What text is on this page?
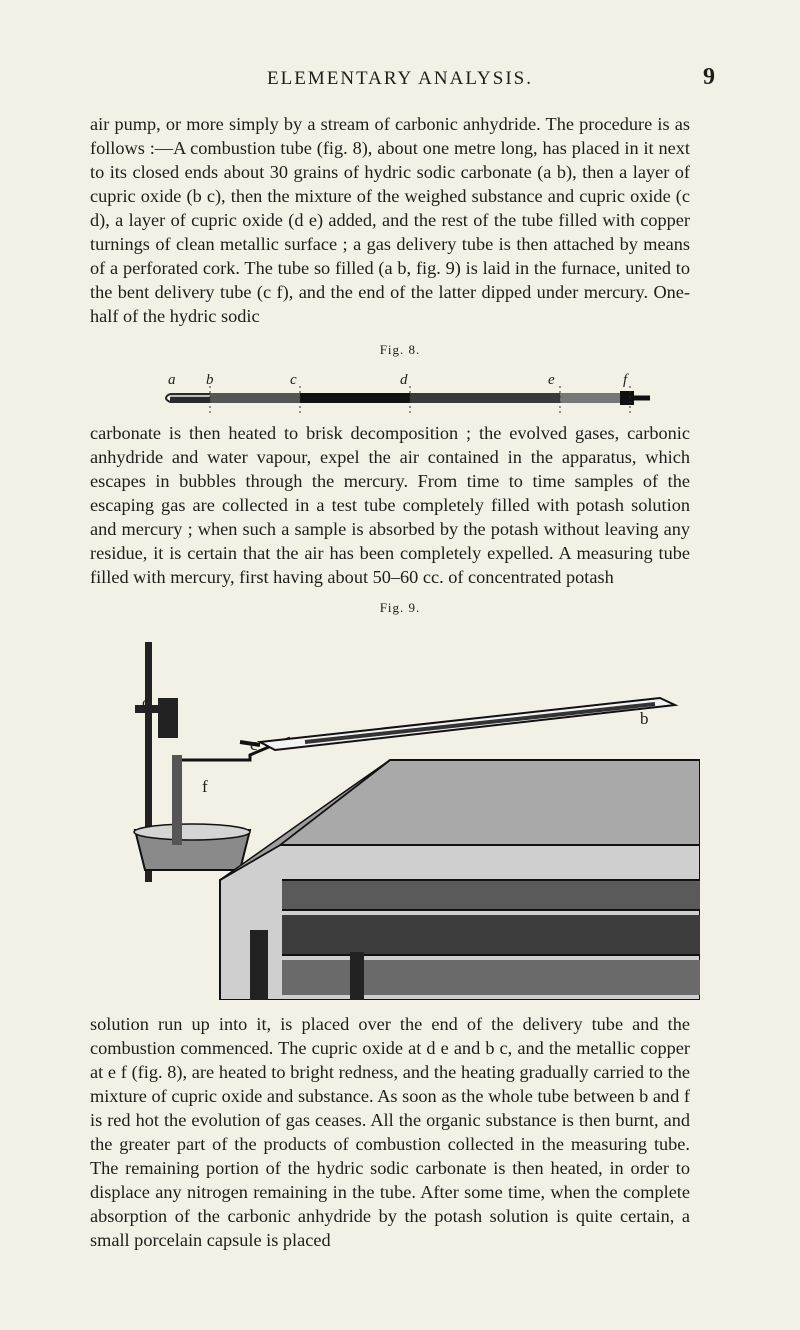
ELEMENTARY ANALYSIS.	9
air pump, or more simply by a stream of carbonic anhydride. The procedure is as follows :—A combustion tube (fig. 8), about one metre long, has placed in it next to its closed ends about 30 grains of hydric sodic carbonate (a b), then a layer of cupric oxide (b c), then the mixture of the weighed substance and cupric oxide (c d), a layer of cupric oxide (d e) added, and the rest of the tube filled with copper turnings of clean metallic surface ; a gas delivery tube is then attached by means of a perforated cork. The tube so filled (a b, fig. 9) is laid in the furnace, united to the bent delivery tube (c f), and the end of the latter dipped under mercury. One-half of the hydric sodic
Fig. 8.
a b	c	d	e	f
carbonate is then heated to brisk decomposition ; the evolved gases, carbonic anhydride and water vapour, expel the air contained in the apparatus, which escapes in bubbles through the mercury. From time to time samples of the escaping gas are collected in a test tube completely filled with potash solution and mercury ; when such a sample is absorbed by the potash without leaving any residue, it is certain that the air has been completely expelled. A measuring tube filled with mercury, first having about 50–60 cc. of concentrated potash
Fig. 9.
c
c
f
b
solution run up into it, is placed over the end of the delivery tube and the combustion commenced. The cupric oxide at d e and b c, and the metallic copper at e f (fig. 8), are heated to bright redness, and the heating gradually carried to the mixture of cupric oxide and substance. As soon as the whole tube between b and f is red hot the evolution of gas ceases. All the organic substance is then burnt, and the greater part of the products of combustion collected in the measuring tube. The remaining portion of the hydric sodic carbonate is then heated, in order to displace any nitrogen remaining in the tube. After some time, when the complete absorption of the carbonic anhydride by the potash solution is quite certain, a small porcelain capsule is placed
